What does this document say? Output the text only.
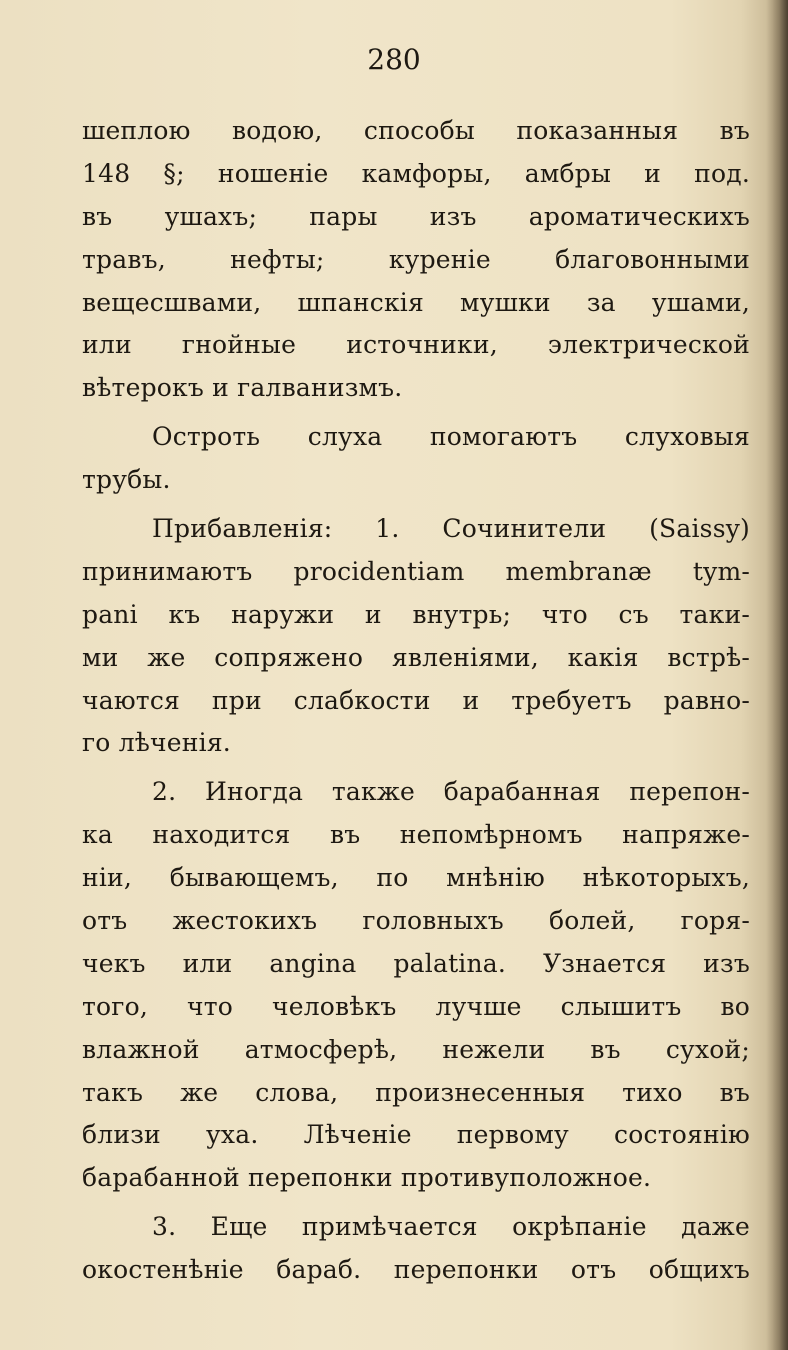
280
шеплою водою, способы показанныя въ
148 §; ношеніе камфоры, амбры и под.
въ ушахъ; пары изъ ароматическихъ
травъ, нефты; куреніе благовонными
вещесшвами, шпанскія мушки за ушами,
или гнойные источники, электричеcкой
вѣтерокъ и галванизмъ.
Остроть слуха помогаютъ слуховыя
трубы.
Прибавленія: 1. Сочинители (Saissy)
принимаютъ procidentiam membranæ tym-
pani къ наружи и внутрь; что съ таки-
ми же сопряжено явленіями, какія встрѣ-
чаются при слабкости и требуетъ равно-
го лѣченія.
2. Иногда также барабанная перепон-
ка находится въ непомѣрномъ напряже-
ніи, бывающемъ, по мнѣнію нѣкоторыхъ,
отъ жестокихъ головныхъ болей, горя-
чекъ или angina palatina. Узнается изъ
того, что человѣкъ лучше слышитъ во
влажной атмосферѣ, нежели въ сухой;
такъ же слова, произнесенныя тихо въ
близи уха. Лѣченіе первому состоянію
барабанной перепонки противуположное.
3. Еще примѣчается окрѣпаніе даже
окостенѣніе бараб. перепонки отъ общихъ
